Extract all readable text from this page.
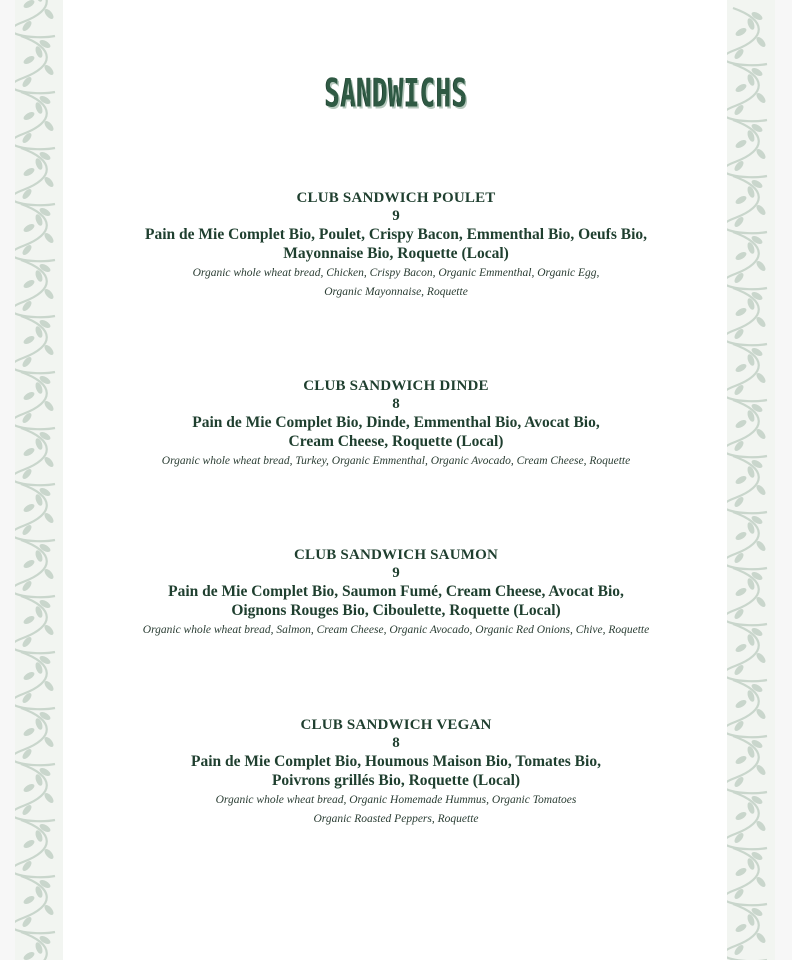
SANDWICHS
CLUB SANDWICH POULET
9
Pain de Mie Complet Bio, Poulet, Crispy Bacon, Emmenthal Bio, Oeufs Bio,
Mayonnaise Bio, Roquette (Local)
Organic whole wheat bread, Chicken, Crispy Bacon, Organic Emmenthal, Organic Egg,
Organic Mayonnaise, Roquette
CLUB SANDWICH DINDE
8
Pain de Mie Complet Bio, Dinde, Emmenthal Bio, Avocat Bio,
Cream Cheese, Roquette (Local)
Organic whole wheat bread, Turkey, Organic Emmenthal, Organic Avocado, Cream Cheese, Roquette
CLUB SANDWICH SAUMON
9
Pain de Mie Complet Bio, Saumon Fumé, Cream Cheese, Avocat Bio,
Oignons Rouges Bio, Ciboulette, Roquette (Local)
Organic whole wheat bread, Salmon, Cream Cheese, Organic Avocado, Organic Red Onions, Chive, Roquette
CLUB SANDWICH VEGAN
8
Pain de Mie Complet Bio, Houmous Maison Bio, Tomates Bio,
Poivrons grillés Bio, Roquette (Local)
Organic whole wheat bread, Organic Homemade Hummus, Organic Tomatoes
Organic Roasted Peppers, Roquette
